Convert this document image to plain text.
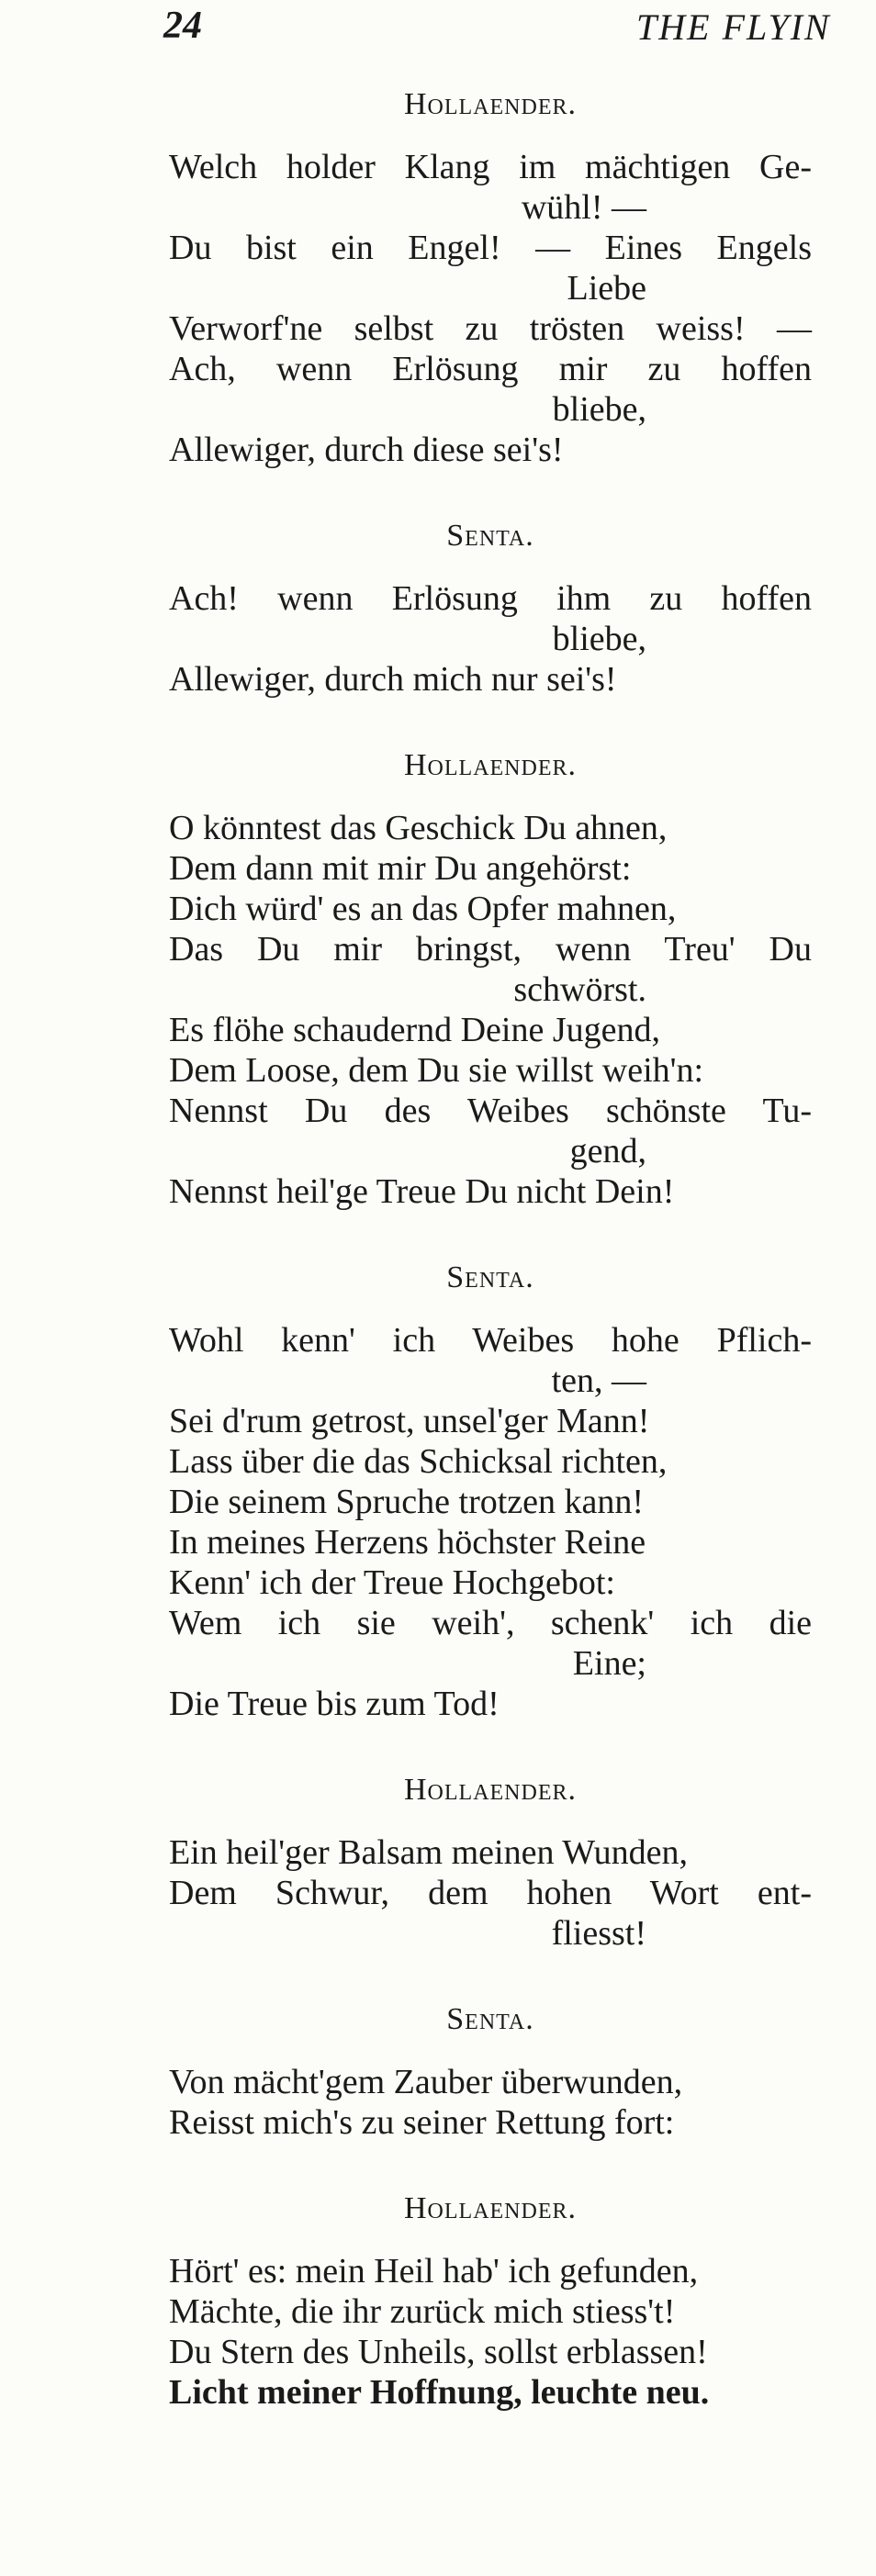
24	THE FLYIN
Hollaender.
Welch holder Klang im mächtigen Ge-
wühl! —
Du bist ein Engel! — Eines Engels
Liebe
Verworf'ne selbst zu trösten weiss! —
Ach, wenn Erlösung mir zu hoffen
bliebe,
Allewiger, durch diese sei's!
Senta.
Ach! wenn Erlösung ihm zu hoffen
bliebe,
Allewiger, durch mich nur sei's!
Hollaender.
O könntest das Geschick Du ahnen,
Dem dann mit mir Du angehörst:
Dich würd' es an das Opfer mahnen,
Das Du mir bringst, wenn Treu' Du
schwörst.
Es flöhe schaudernd Deine Jugend,
Dem Loose, dem Du sie willst weih'n:
Nennst Du des Weibes schönste Tu-
gend,
Nennst heil'ge Treue Du nicht Dein!
Senta.
Wohl kenn' ich Weibes hohe Pflich-
ten, —
Sei d'rum getrost, unsel'ger Mann!
Lass über die das Schicksal richten,
Die seinem Spruche trotzen kann!
In meines Herzens höchster Reine
Kenn' ich der Treue Hochgebot:
Wem ich sie weih', schenk' ich die
Eine;
Die Treue bis zum Tod!
Hollaender.
Ein heil'ger Balsam meinen Wunden,
Dem Schwur, dem hohen Wort ent-
fliesst!
Senta.
Von mächt'gem Zauber überwunden,
Reisst mich's zu seiner Rettung fort:
Hollaender.
Hört' es: mein Heil hab' ich gefunden,
Mächte, die ihr zurück mich stiess't!
Du Stern des Unheils, sollst erblassen!
Licht meiner Hoffnung, leuchte neu.
